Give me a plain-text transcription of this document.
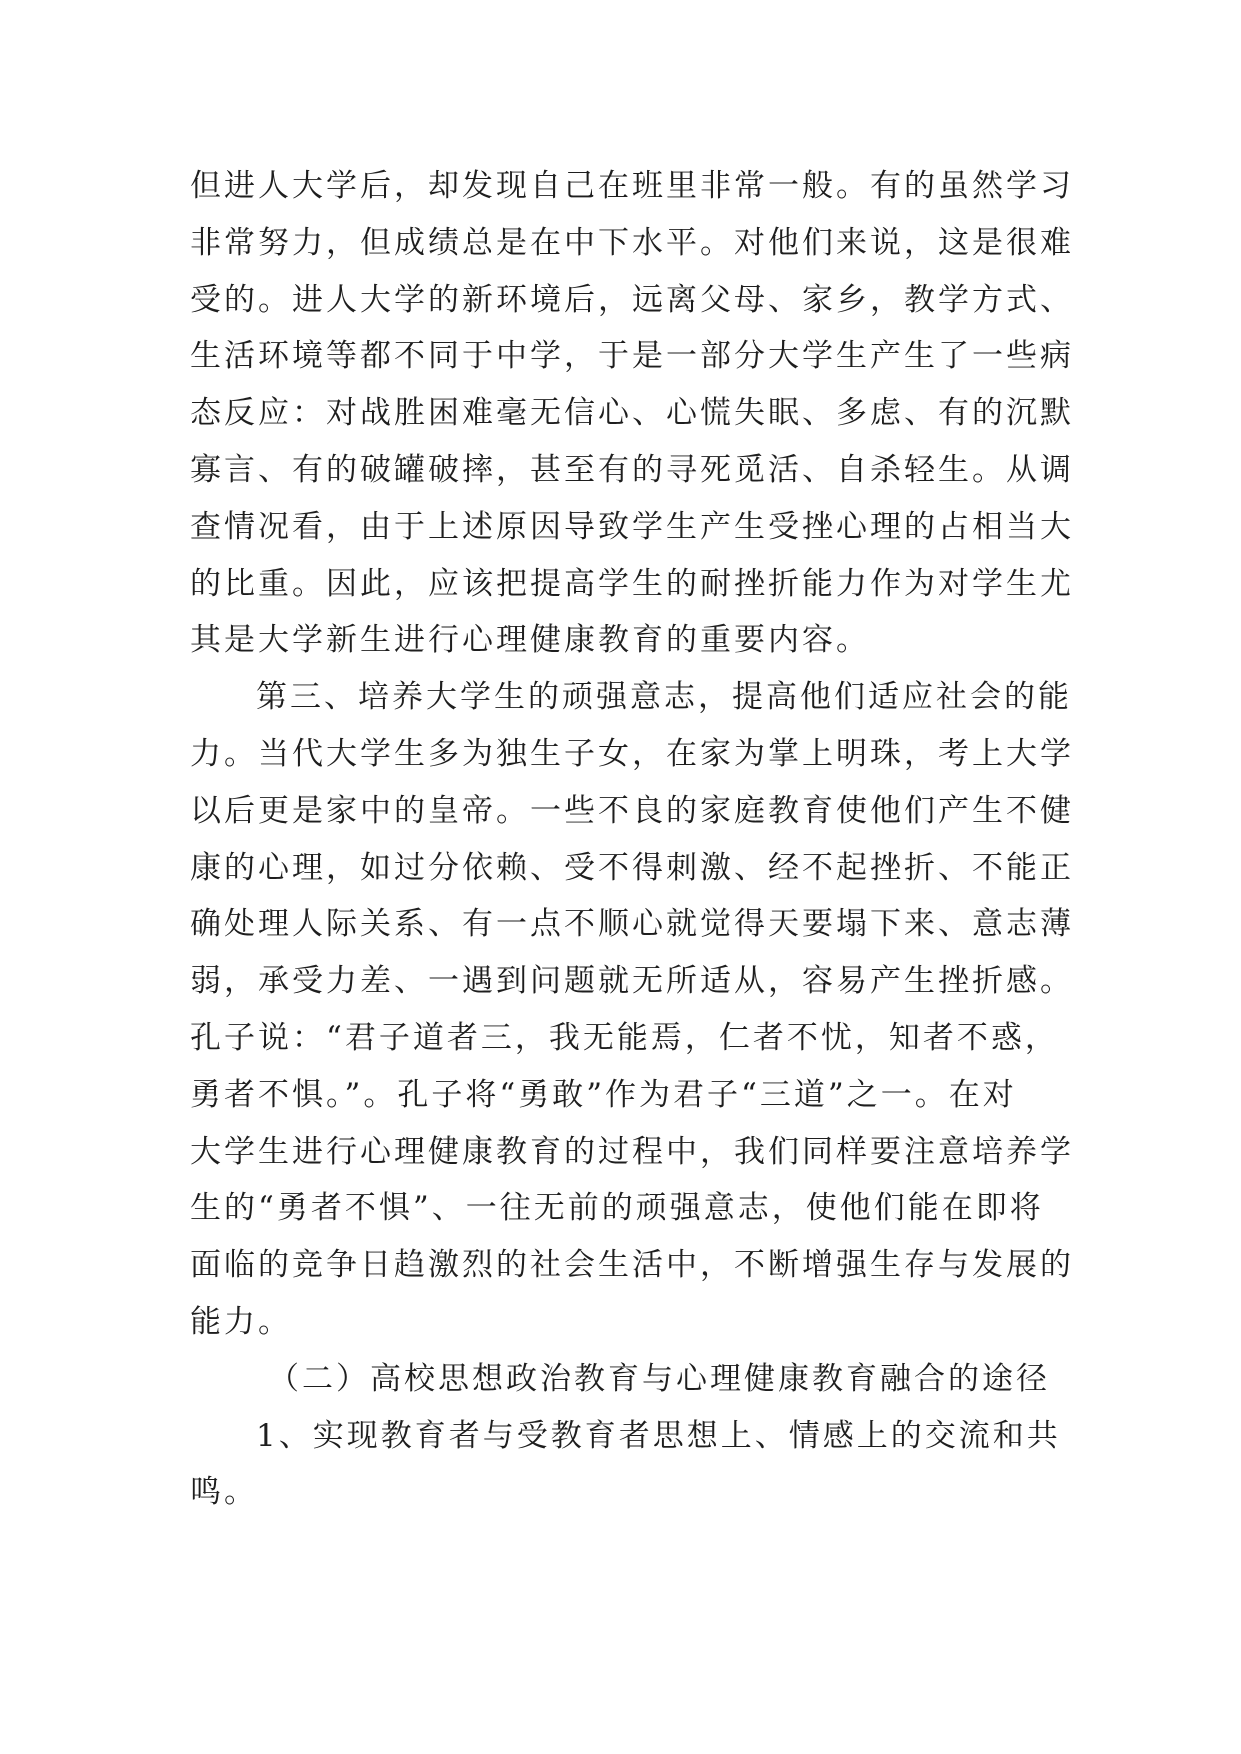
但进人大学后，却发现自己在班里非常一般。有的虽然学习
非常努力，但成绩总是在中下水平。对他们来说，这是很难
受的。进人大学的新环境后，远离父母、家乡，教学方式、
生活环境等都不同于中学，于是一部分大学生产生了一些病
态反应：对战胜困难毫无信心、心慌失眠、多虑、有的沉默
寡言、有的破罐破摔，甚至有的寻死觅活、自杀轻生。从调
查情况看，由于上述原因导致学生产生受挫心理的占相当大
的比重。因此，应该把提高学生的耐挫折能力作为对学生尤
其是大学新生进行心理健康教育的重要内容。
第三、培养大学生的顽强意志，提高他们适应社会的能
力。当代大学生多为独生子女，在家为掌上明珠，考上大学
以后更是家中的皇帝。一些不良的家庭教育使他们产生不健
康的心理，如过分依赖、受不得刺激、经不起挫折、不能正
确处理人际关系、有一点不顺心就觉得天要塌下来、意志薄
弱，承受力差、一遇到问题就无所适从，容易产生挫折感。
孔子说：“君子道者三，我无能焉，仁者不忧，知者不惑，
勇者不惧。”。孔子将“勇敢”作为君子“三道”之一。在对
大学生进行心理健康教育的过程中，我们同样要注意培养学
生的“勇者不惧”、一往无前的顽强意志，使他们能在即将
面临的竞争日趋激烈的社会生活中，不断增强生存与发展的
能力。
（二）高校思想政治教育与心理健康教育融合的途径
1、实现教育者与受教育者思想上、情感上的交流和共
鸣。
